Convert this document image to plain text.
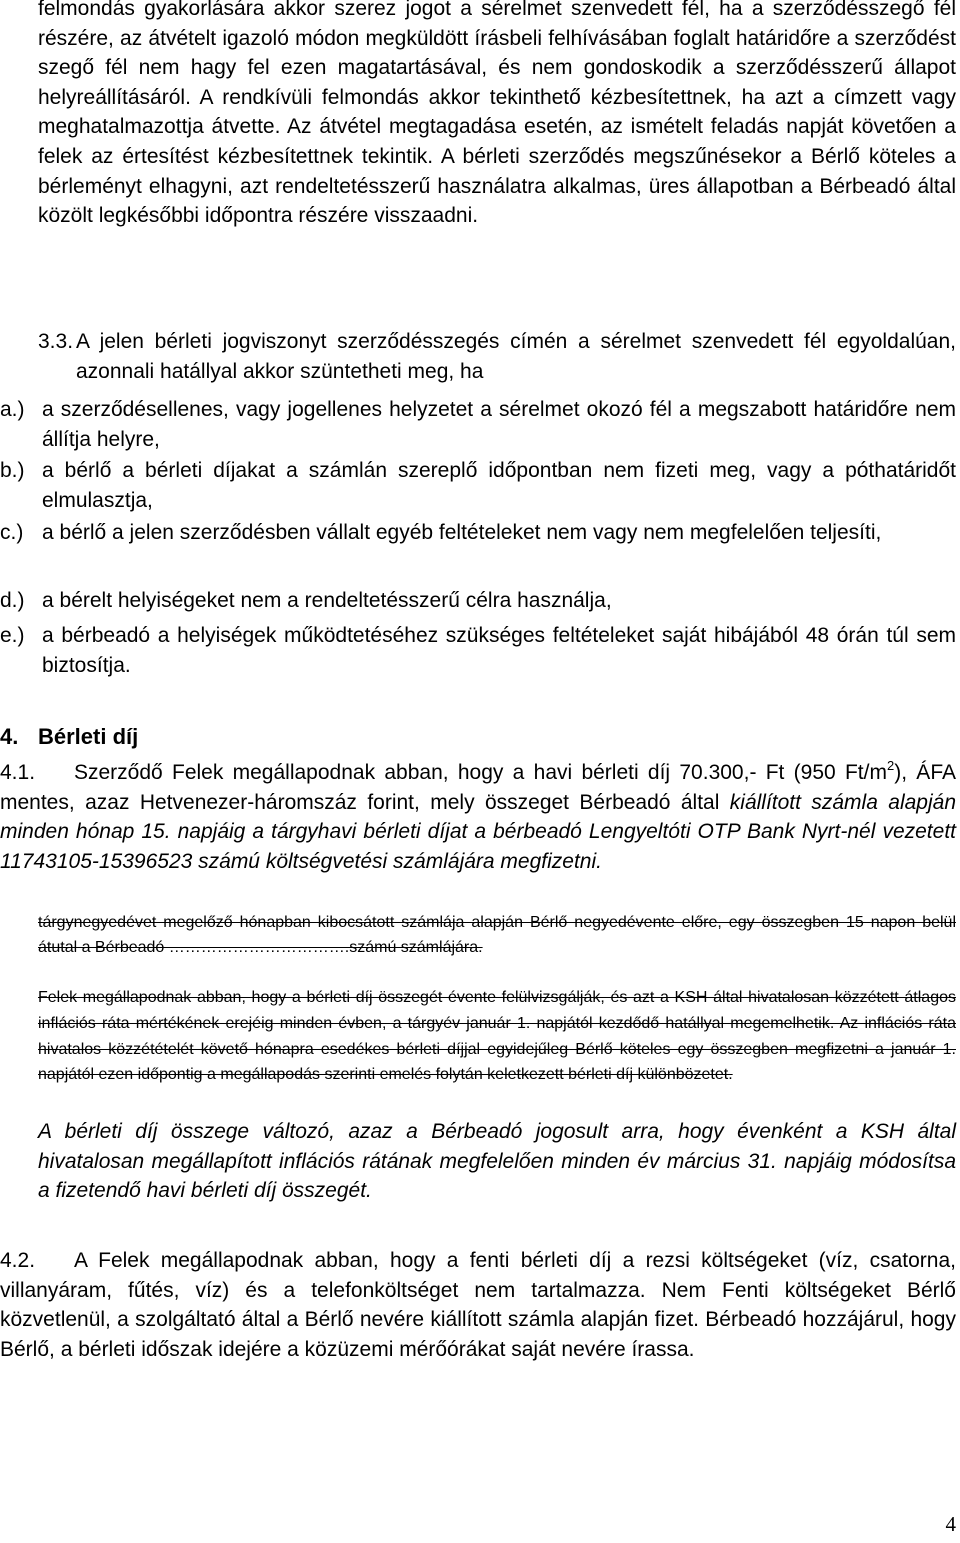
felmondás gyakorlására akkor szerez jogot a sérelmet szenvedett fél, ha a szerződésszegő fél részére, az átvételt igazoló módon megküldött írásbeli felhívásában foglalt határidőre a szerződést szegő fél nem hagy fel ezen magatartásával, és nem gondoskodik a szerződésszerű állapot helyreállításáról. A rendkívüli felmondás akkor tekinthető kézbesítettnek, ha azt a címzett vagy meghatalmazottja átvette. Az átvétel megtagadása esetén, az ismételt feladás napját követően a felek az értesítést kézbesítettnek tekintik. A bérleti szerződés megszűnésekor a Bérlő köteles a bérleményt elhagyni, azt rendeltetésszerű használatra alkalmas, üres állapotban a Bérbeadó által közölt legkésőbbi időpontra részére visszaadni.

3.3. A jelen bérleti jogviszonyt szerződésszegés címén a sérelmet szenvedett fél egyoldalúan, azonnali hatállyal akkor szüntetheti meg, ha
a.) a szerződésellenes, vagy jogellenes helyzetet a sérelmet okozó fél a megszabott határidőre nem állítja helyre,
b.) a bérlő a bérleti díjakat a számlán szereplő időpontban nem fizeti meg, vagy a póthatáridőt elmulasztja,
c.) a bérlő a jelen szerződésben vállalt egyéb feltételeket nem vagy nem megfelelően teljesíti,
d.) a bérelt helyiségeket nem a rendeltetésszerű célra használja,
e.) a bérbeadó a helyiségek működtetéséhez szükséges feltételeket saját hibájából 48 órán túl sem biztosítja.
4. Bérleti díj

4.1. Szerződő Felek megállapodnak abban, hogy a havi bérleti díj 70.300,- Ft (950 $Ft/m^2$), ÁFA mentes, azaz Hetvenezer-háromszáz forint, mely összeget Bérbeadó által kiállított számla alapján minden hónap 15. napjáig a tárgyhavi bérleti díjat a bérbeadó Lengyeltóti OTP Bank Nyrt-nél vezetett 11743105-15396523 számú költségvetési számlájára megfizetni.

tárgynegyedévet megelőző hónapban kibocsátott számlája alapján Bérlő negyedévente előre, egy összegben 15 napon belül átutal a Bérbeadó …………………………….számú számlájára.

Felek megállapodnak abban, hogy a bérleti díj összegét évente felülvizsgálják, és azt a KSH által hivatalosan közzétett átlagos inflációs ráta mértékének erejéig minden évben, a tárgyév január 1. napjától kezdődő hatállyal megemelhetik. Az inflációs ráta hivatalos közzétételét követő hónapra esedékes bérleti díjjal egyidejűleg Bérlő köteles egy összegben megfizetni a január 1. napjától ezen időpontig a megállapodás szerinti emelés folytán keletkezett bérleti díj különbözetet.

A bérleti díj összege változó, azaz a Bérbeadó jogosult arra, hogy évenként a KSH által hivatalosan megállapított inflációs rátának megfelelően minden év március 31. napjáig módosítsa a fizetendő havi bérleti díj összegét.

4.2. A Felek megállapodnak abban, hogy a fenti bérleti díj a rezsi költségeket (víz, csatorna, villanyáram, fűtés, víz) és a telefonköltséget nem tartalmazza. Nem Fenti költségeket Bérlő közvetlenül, a szolgáltató által a Bérlő nevére kiállított számla alapján fizet. Bérbeadó hozzájárul, hogy Bérlő, a bérleti időszak idejére a közüzemi mérőórákat saját nevére írassa.

4
